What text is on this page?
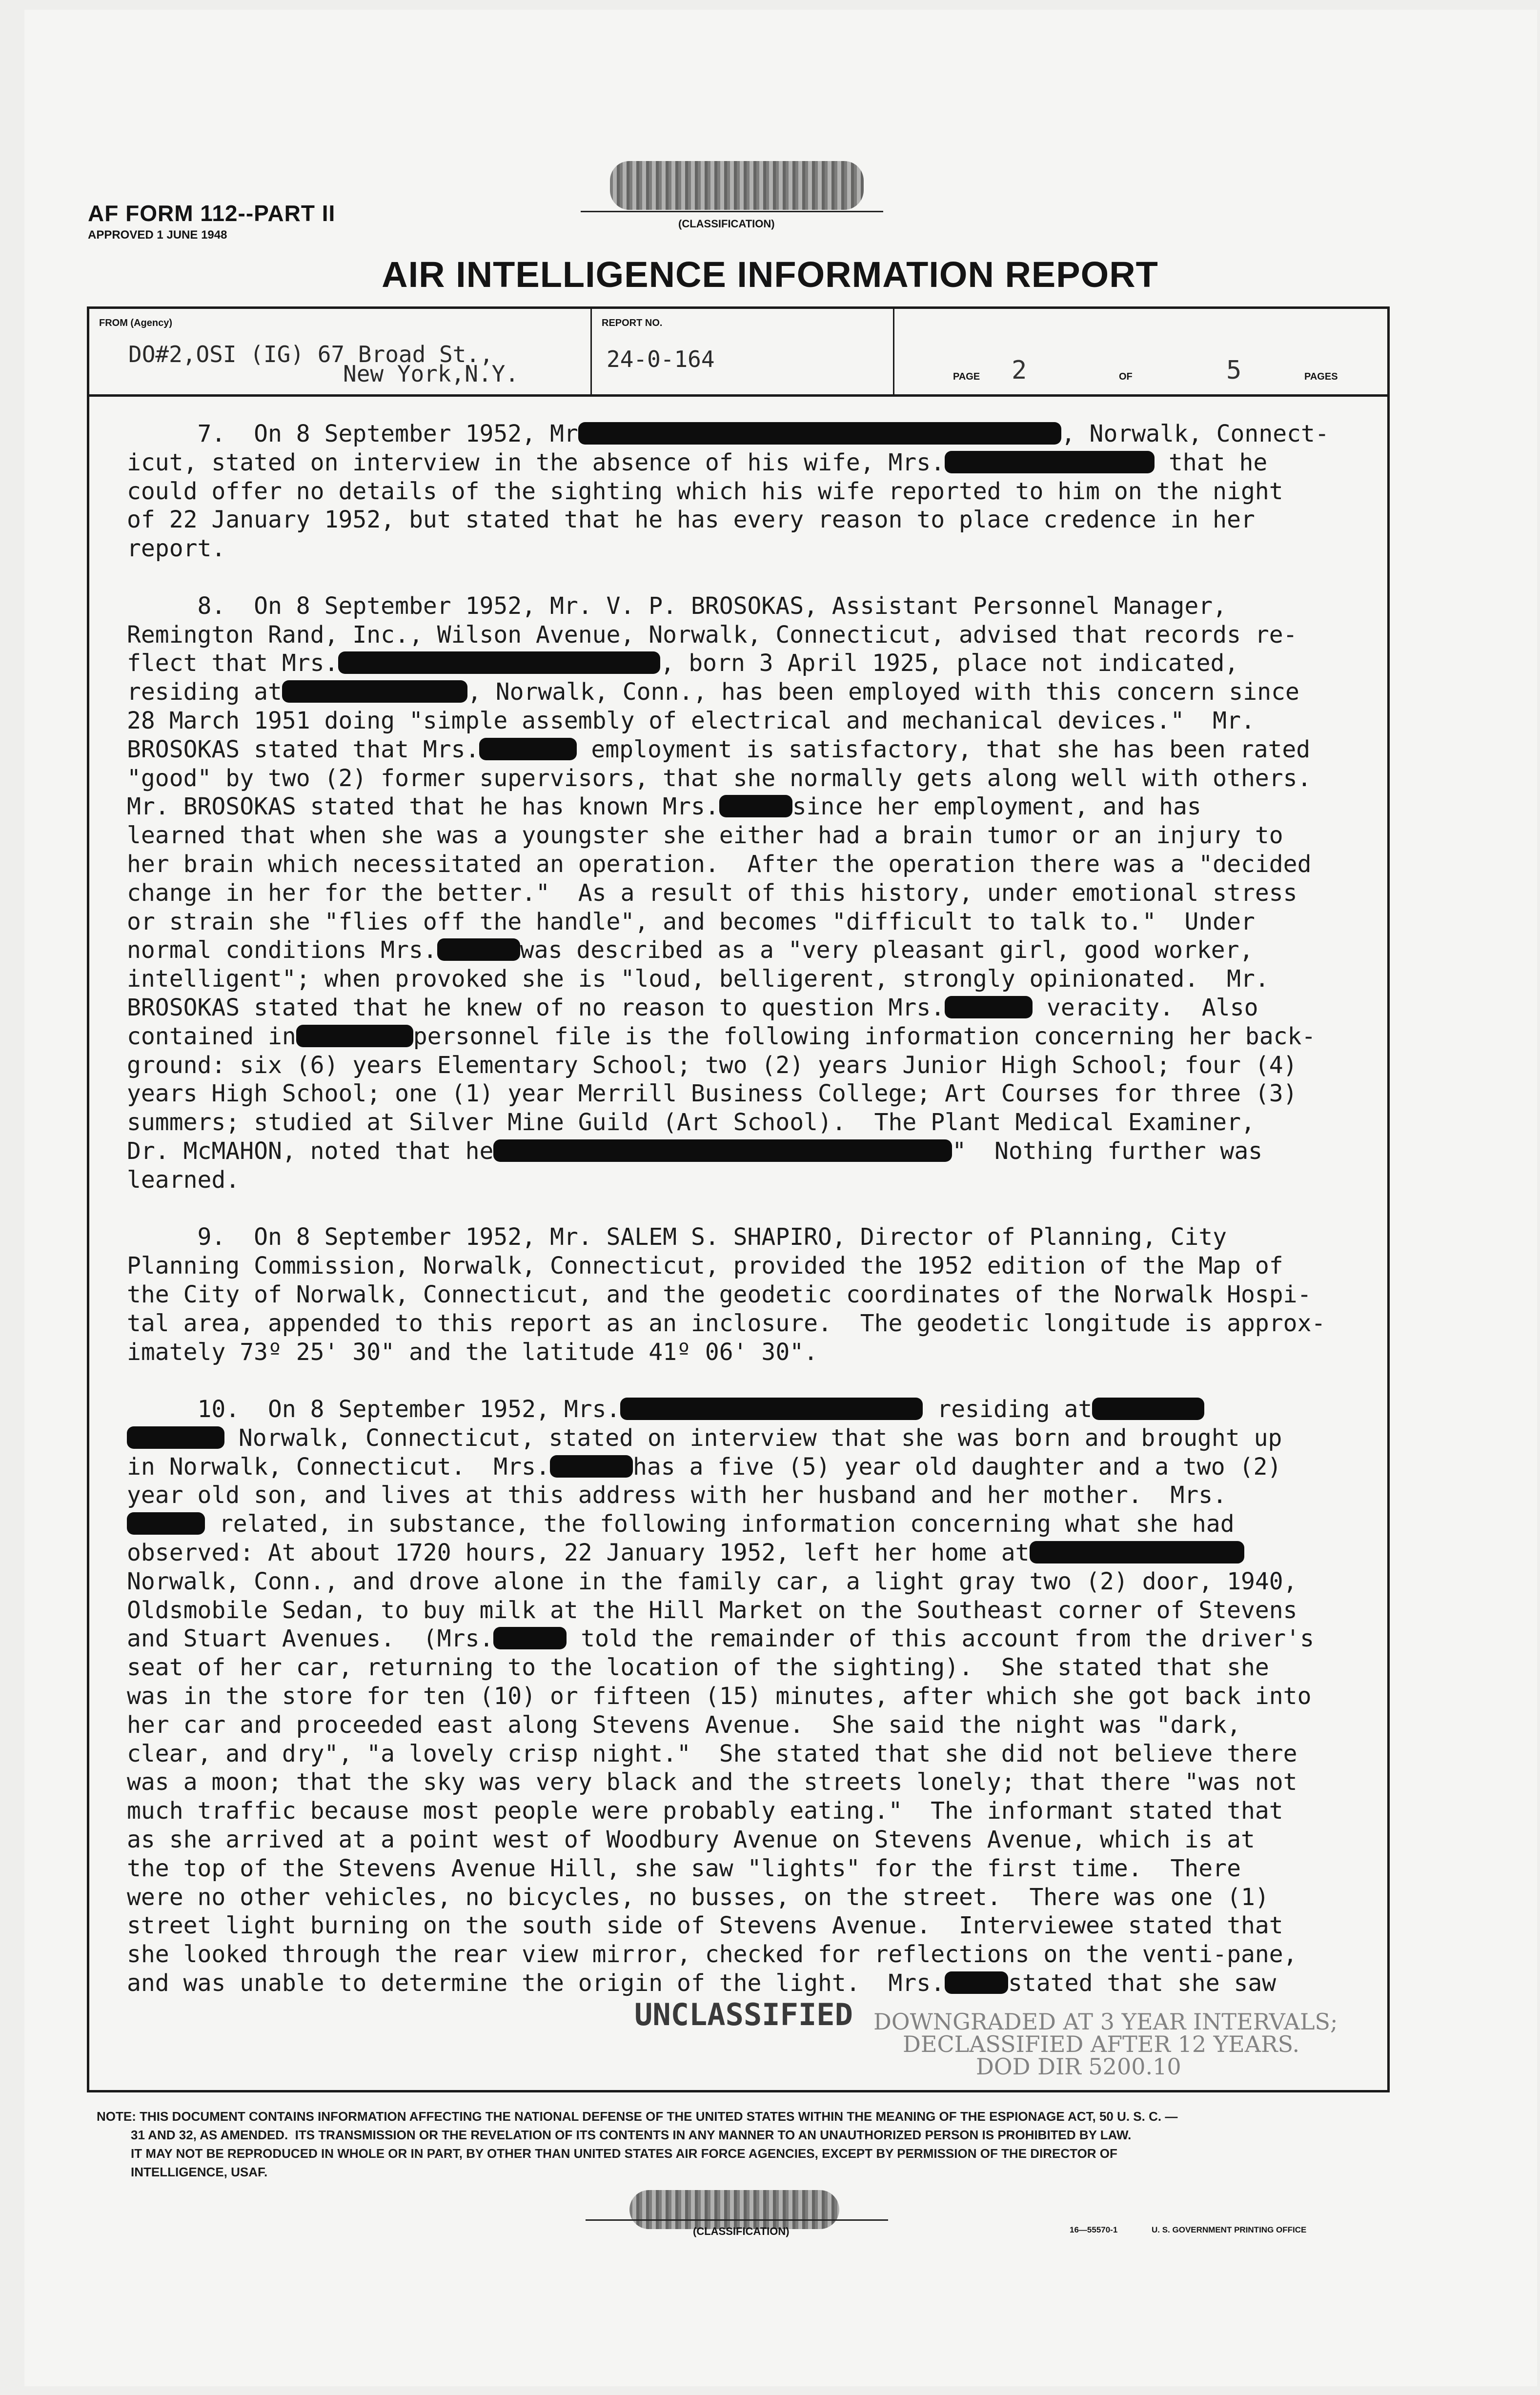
AF FORM 112--PART II
APPROVED 1 JUNE 1948
(CLASSIFICATION)
AIR INTELLIGENCE INFORMATION REPORT
FROM (Agency)
DO#2,OSI (IG) 67 Broad St.,
New York,N.Y.
REPORT NO.
24-0-164
PAGE 2	OF	5	PAGES
7.  On 8 September 1952, Mr	, Norwalk, Connect-
icut, stated on interview in the absence of his wife, Mrs.	that he
could offer no details of the sighting which his wife reported to him on the night
of 22 January 1952, but stated that he has every reason to place credence in her
report.
8.  On 8 September 1952, Mr. V. P. BROSOKAS, Assistant Personnel Manager,
Remington Rand, Inc., Wilson Avenue, Norwalk, Connecticut, advised that records re-
flect that Mrs.	, born 3 April 1925, place not indicated,
residing at	, Norwalk, Conn., has been employed with this concern since
28 March 1951 doing "simple assembly of electrical and mechanical devices."  Mr.
BROSOKAS stated that Mrs.	employment is satisfactory, that she has been rated
"good" by two (2) former supervisors, that she normally gets along well with others.
Mr. BROSOKAS stated that he has known Mrs.	since her employment, and has
learned that when she was a youngster she either had a brain tumor or an injury to
her brain which necessitated an operation.  After the operation there was a "decided
change in her for the better."  As a result of this history, under emotional stress
or strain she "flies off the handle", and becomes "difficult to talk to."  Under
normal conditions Mrs.	was described as a "very pleasant girl, good worker,
intelligent"; when provoked she is "loud, belligerent, strongly opinionated.  Mr.
BROSOKAS stated that he knew of no reason to question Mrs.	veracity.  Also
contained in	personnel file is the following information concerning her back-
ground: six (6) years Elementary School; two (2) years Junior High School; four (4)
years High School; one (1) year Merrill Business College; Art Courses for three (3)
summers; studied at Silver Mine Guild (Art School).  The Plant Medical Examiner,
Dr. McMAHON, noted that he	"  Nothing further was
learned.
9.  On 8 September 1952, Mr. SALEM S. SHAPIRO, Director of Planning, City
Planning Commission, Norwalk, Connecticut, provided the 1952 edition of the Map of
the City of Norwalk, Connecticut, and the geodetic coordinates of the Norwalk Hospi-
tal area, appended to this report as an inclosure.  The geodetic longitude is approx-
imately 73º 25' 30" and the latitude 41º 06' 30".
10.  On 8 September 1952, Mrs.	residing at
Norwalk, Connecticut, stated on interview that she was born and brought up
in Norwalk, Connecticut.  Mrs.	has a five (5) year old daughter and a two (2)
year old son, and lives at this address with her husband and her mother.  Mrs.
related, in substance, the following information concerning what she had
observed: At about 1720 hours, 22 January 1952, left her home at
Norwalk, Conn., and drove alone in the family car, a light gray two (2) door, 1940,
Oldsmobile Sedan, to buy milk at the Hill Market on the Southeast corner of Stevens
and Stuart Avenues.  (Mrs.	told the remainder of this account from the driver's
seat of her car, returning to the location of the sighting).  She stated that she
was in the store for ten (10) or fifteen (15) minutes, after which she got back into
her car and proceeded east along Stevens Avenue.  She said the night was "dark,
clear, and dry", "a lovely crisp night."  She stated that she did not believe there
was a moon; that the sky was very black and the streets lonely; that there "was not
much traffic because most people were probably eating."  The informant stated that
as she arrived at a point west of Woodbury Avenue on Stevens Avenue, which is at
the top of the Stevens Avenue Hill, she saw "lights" for the first time.  There
were no other vehicles, no bicycles, no busses, on the street.  There was one (1)
street light burning on the south side of Stevens Avenue.  Interviewee stated that
she looked through the rear view mirror, checked for reflections on the venti-pane,
and was unable to determine the origin of the light.  Mrs.	stated that she saw
UNCLASSIFIED DOWNGRADED AT 3 YEAR INTERVALS;
DECLASSIFIED AFTER 12 YEARS.
DOD DIR 5200.10
NOTE: THIS DOCUMENT CONTAINS INFORMATION AFFECTING THE NATIONAL DEFENSE OF THE UNITED STATES WITHIN THE MEANING OF THE ESPIONAGE ACT, 50 U. S. C. —
31 AND 32, AS AMENDED.  ITS TRANSMISSION OR THE REVELATION OF ITS CONTENTS IN ANY MANNER TO AN UNAUTHORIZED PERSON IS PROHIBITED BY LAW.
IT MAY NOT BE REPRODUCED IN WHOLE OR IN PART, BY OTHER THAN UNITED STATES AIR FORCE AGENCIES, EXCEPT BY PERMISSION OF THE DIRECTOR OF
INTELLIGENCE, USAF.
(CLASSIFICATION)	16—55570-1	U. S. GOVERNMENT PRINTING OFFICE
